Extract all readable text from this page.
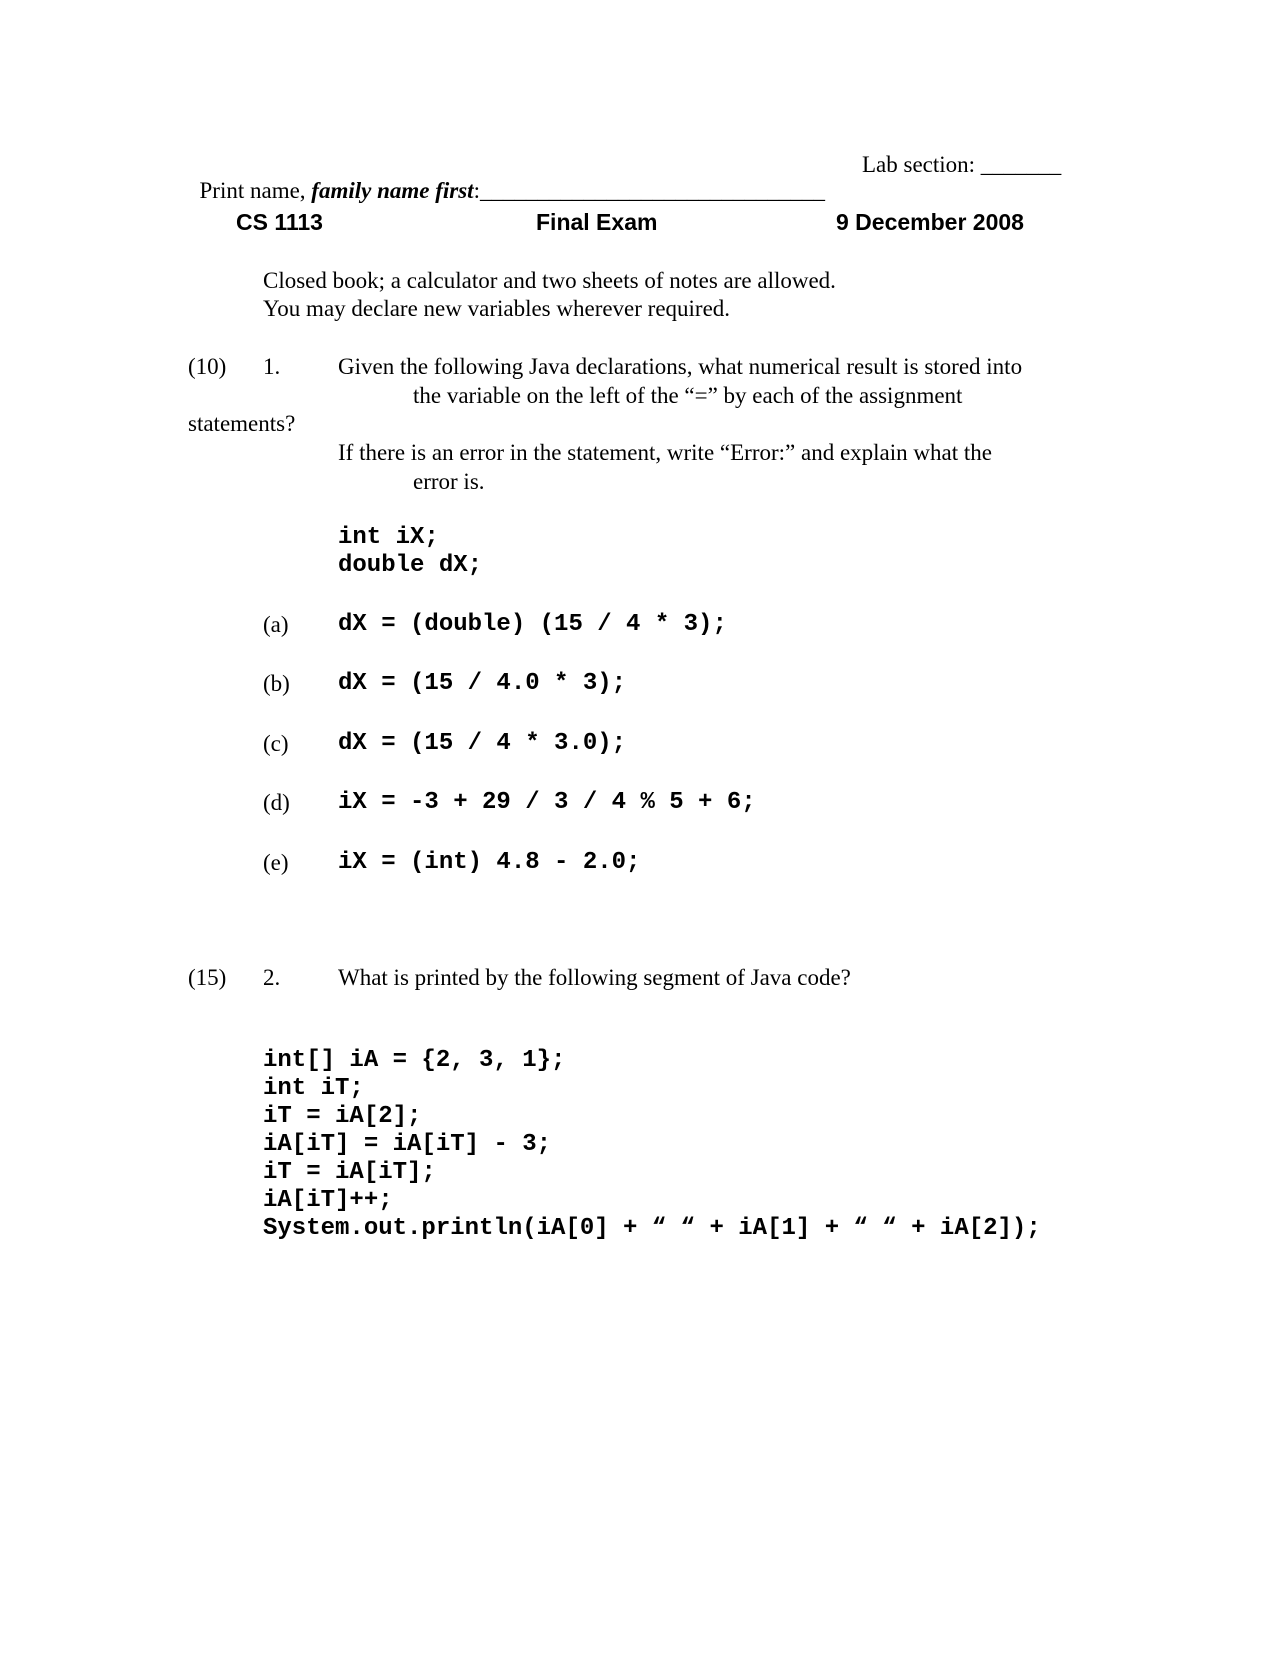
Print name, family name first:______________________________

Lab section: _______
CS 1113	Final Exam	9 December 2008
Closed book; a calculator and two sheets of notes are allowed.
You may declare new variables wherever required.
(10) 1.	Given the following Java declarations, what numerical result is stored into
the variable on the left of the “=” by each of the assignment
statements?
If there is an error in the statement, write “Error:” and explain what the
error is.
int iX;
double dX;
(a) dX = (double) (15 / 4 * 3);
(b) dX = (15 / 4.0 * 3);
(c) dX = (15 / 4 * 3.0);
(d) iX = -3 + 29 / 3 / 4 % 5 + 6;
(e) iX = (int) 4.8 - 2.0;
(15) 2.	What is printed by the following segment of Java code?

int[] iA = {2, 3, 1};
int iT;
iT = iA[2];
iA[iT] = iA[iT] - 3;
iT = iA[iT];
iA[iT]++;
System.out.println(iA[0] + “ “ + iA[1] + “ “ + iA[2]);
